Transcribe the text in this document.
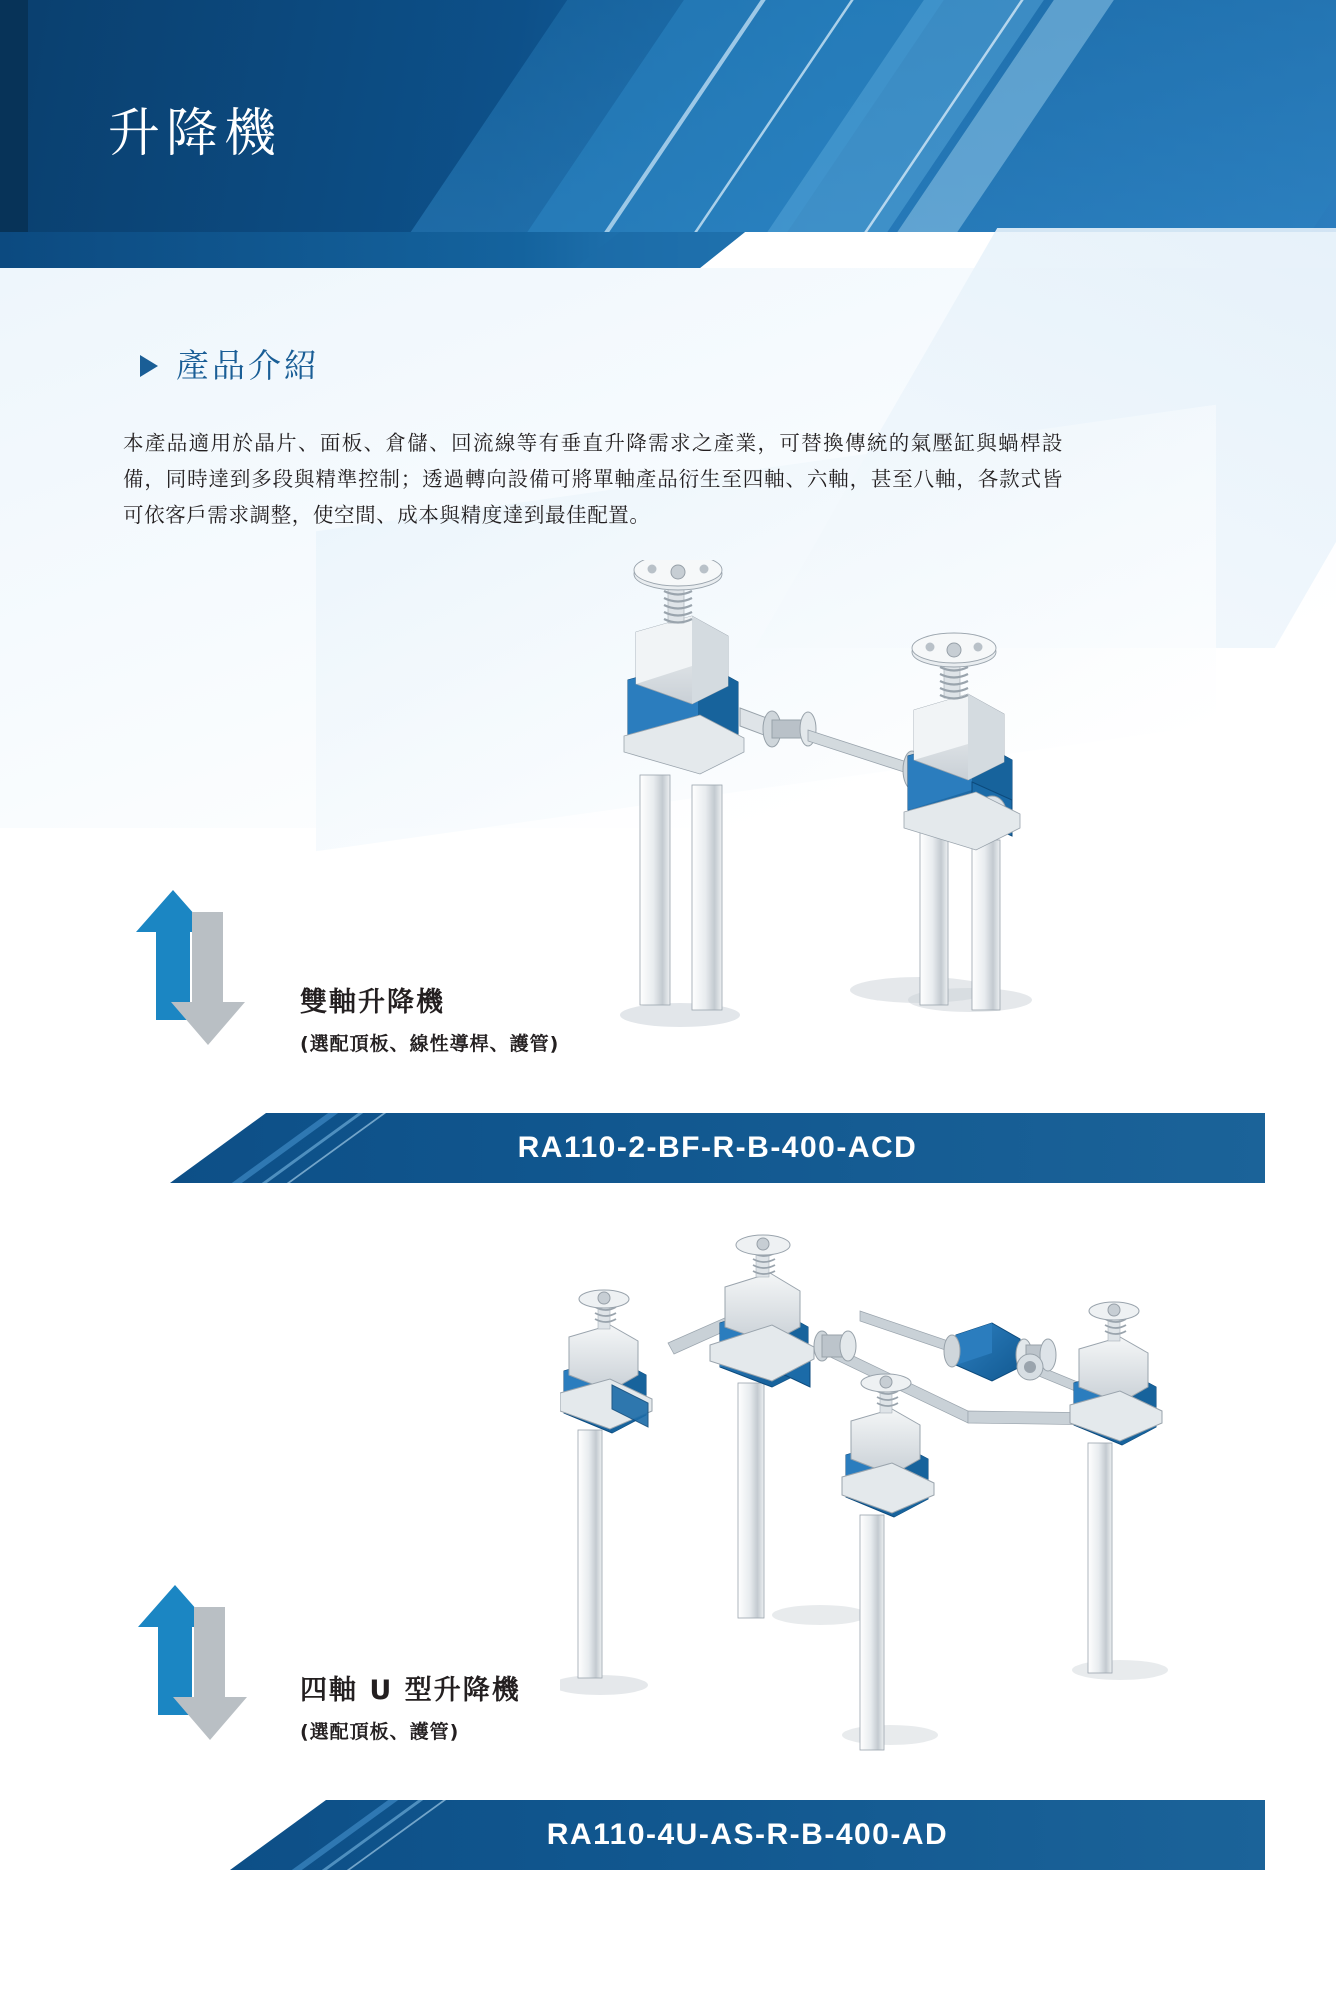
升降機
產品介紹
本產品適用於晶片、面板、倉儲、回流線等有垂直升降需求之產業，可替換傳統的氣壓缸與蝸桿設備，同時達到多段與精準控制；透過轉向設備可將單軸產品衍生至四軸、六軸，甚至八軸，各款式皆可依客戶需求調整，使空間、成本與精度達到最佳配置。
雙軸升降機
(選配頂板、線性導桿、護管)
RA110-2-BF-R-B-400-ACD
四軸 U 型升降機
(選配頂板、護管)
RA110-4U-AS-R-B-400-AD
